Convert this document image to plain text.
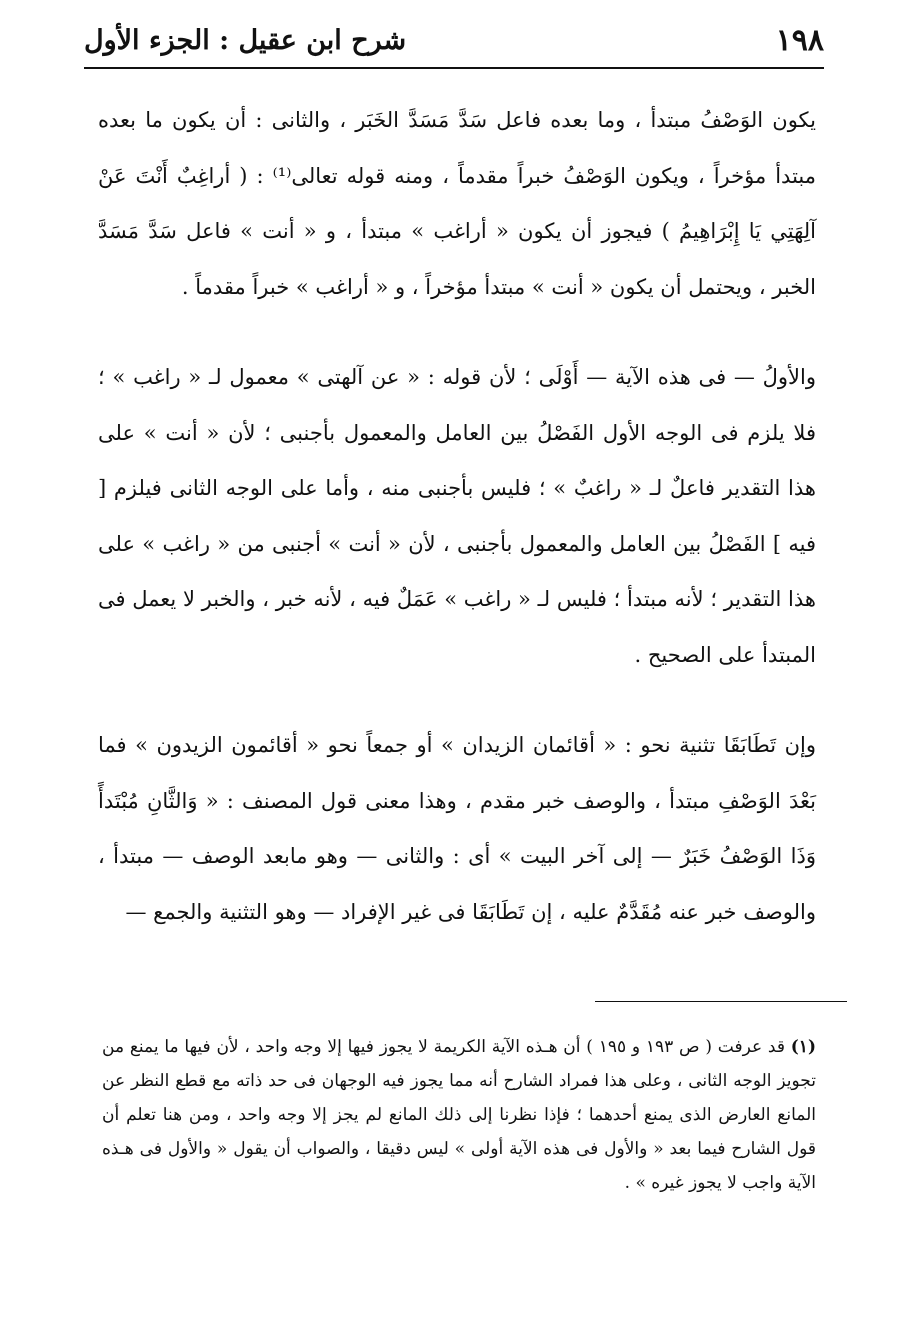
١٩٨
شرح ابن عقيل : الجزء الأول

يكون الوَصْفُ مبتدأ ، وما بعده فاعل سَدَّ مَسَدَّ الخَبَر ، والثانى : أن يكون ما بعده مبتدأ مؤخراً ، ويكون الوَصْفُ خبراً مقدماً ، ومنه قوله تعالى⁽¹⁾ : ( أراغِبٌ أَنْتَ عَنْ آلِهَتِي يَا إِبْرَاهِيمُ ) فيجوز أن يكون « أراغب » مبتدأ ، و « أنت » فاعل سَدَّ مَسَدَّ الخبر ، ويحتمل أن يكون « أنت » مبتدأ مؤخراً ، و « أراغب » خبراً مقدماً .

والأولُ — فى هذه الآية — أَوْلَى ؛ لأن قوله : « عن آلهتى » معمول لـ « راغب » ؛ فلا يلزم فى الوجه الأول الفَصْلُ بين العامل والمعمول بأجنبى ؛ لأن « أنت » على هذا التقدير فاعلٌ لـ « راغبٌ » ؛ فليس بأجنبى منه ، وأما على الوجه الثانى فيلزم [ فيه ] الفَصْلُ بين العامل والمعمول بأجنبى ، لأن « أنت » أجنبى من « راغب » على هذا التقدير ؛ لأنه مبتدأ ؛ فليس لـ « راغب » عَمَلٌ فيه ، لأنه خبر ، والخبر لا يعمل فى المبتدأ على الصحيح .

وإن تَطَابَقَا تثنية نحو : « أقائمان الزيدان » أو جمعاً نحو « أقائمون الزيدون » فما بَعْدَ الوَصْفِ مبتدأ ، والوصف خبر مقدم ، وهذا معنى قول المصنف : « وَالثَّانِ مُبْتَدأً وَذَا الوَصْفُ خَبَرٌ — إلى آخر البيت » أى : والثانى — وهو مابعد الوصف — مبتدأ ، والوصف خبر عنه مُقَدَّمٌ عليه ، إن تَطَابَقَا فى غير الإفراد — وهو التثنية والجمع —

(١) قد عرفت ( ص ١٩٣ و ١٩٥ ) أن هـذه الآية الكريمة لا يجوز فيها إلا وجه واحد ، لأن فيها ما يمنع من تجويز الوجه الثانى ، وعلى هذا فمراد الشارح أنه مما يجوز فيه الوجهان فى حد ذاته مع قطع النظر عن المانع العارض الذى يمنع أحدهما ؛ فإذا نظرنا إلى ذلك المانع لم يجز إلا وجه واحد ، ومن هنا تعلم أن قول الشارح فيما بعد « والأول فى هذه الآية أولى » ليس دقيقا ، والصواب أن يقول « والأول فى هـذه الآية واجب لا يجوز غيره » .
